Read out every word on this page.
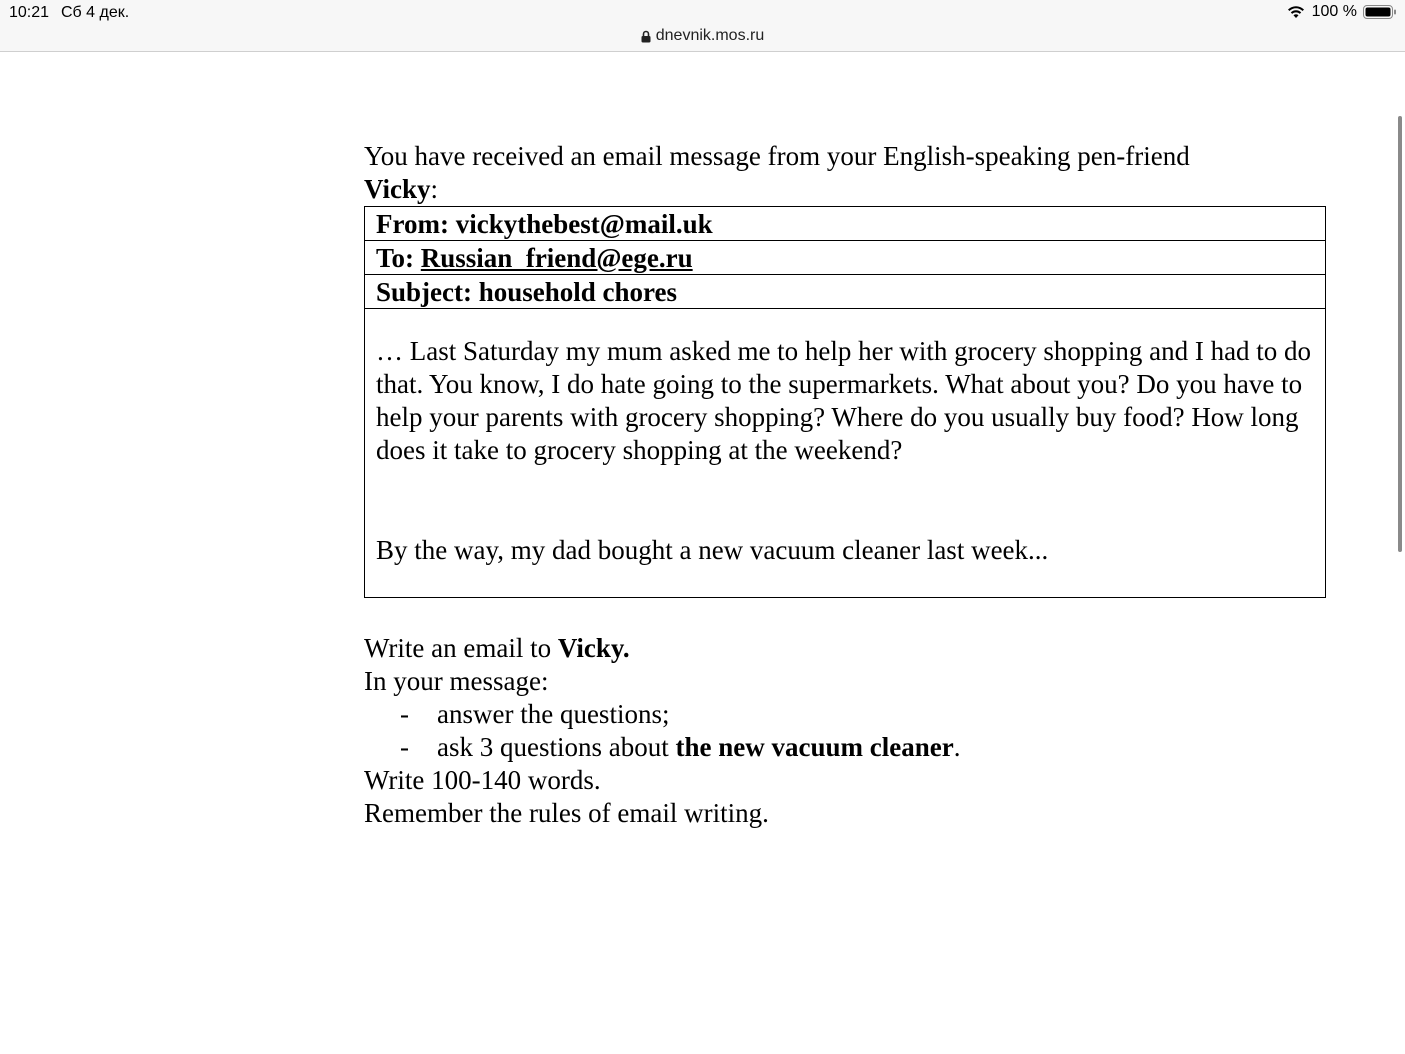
10:21 Сб 4 дек.	100 %
dnevnik.mos.ru

You have received an email message from your English-speaking pen-friend
Vicky:

From: vickythebest@mail.uk
To: Russian_friend@ege.ru
Subject: household chores

… Last Saturday my mum asked me to help her with grocery shopping and I had to do that. You know, I do hate going to the supermarkets. What about you? Do you have to help your parents with grocery shopping? Where do you usually buy food? How long does it take to grocery shopping at the weekend?

By the way, my dad bought a new vacuum cleaner last week...

Write an email to Vicky.

In your message:

-	answer the questions;
-	ask 3 questions about the new vacuum cleaner.

Write 100-140 words.

Remember the rules of email writing.
